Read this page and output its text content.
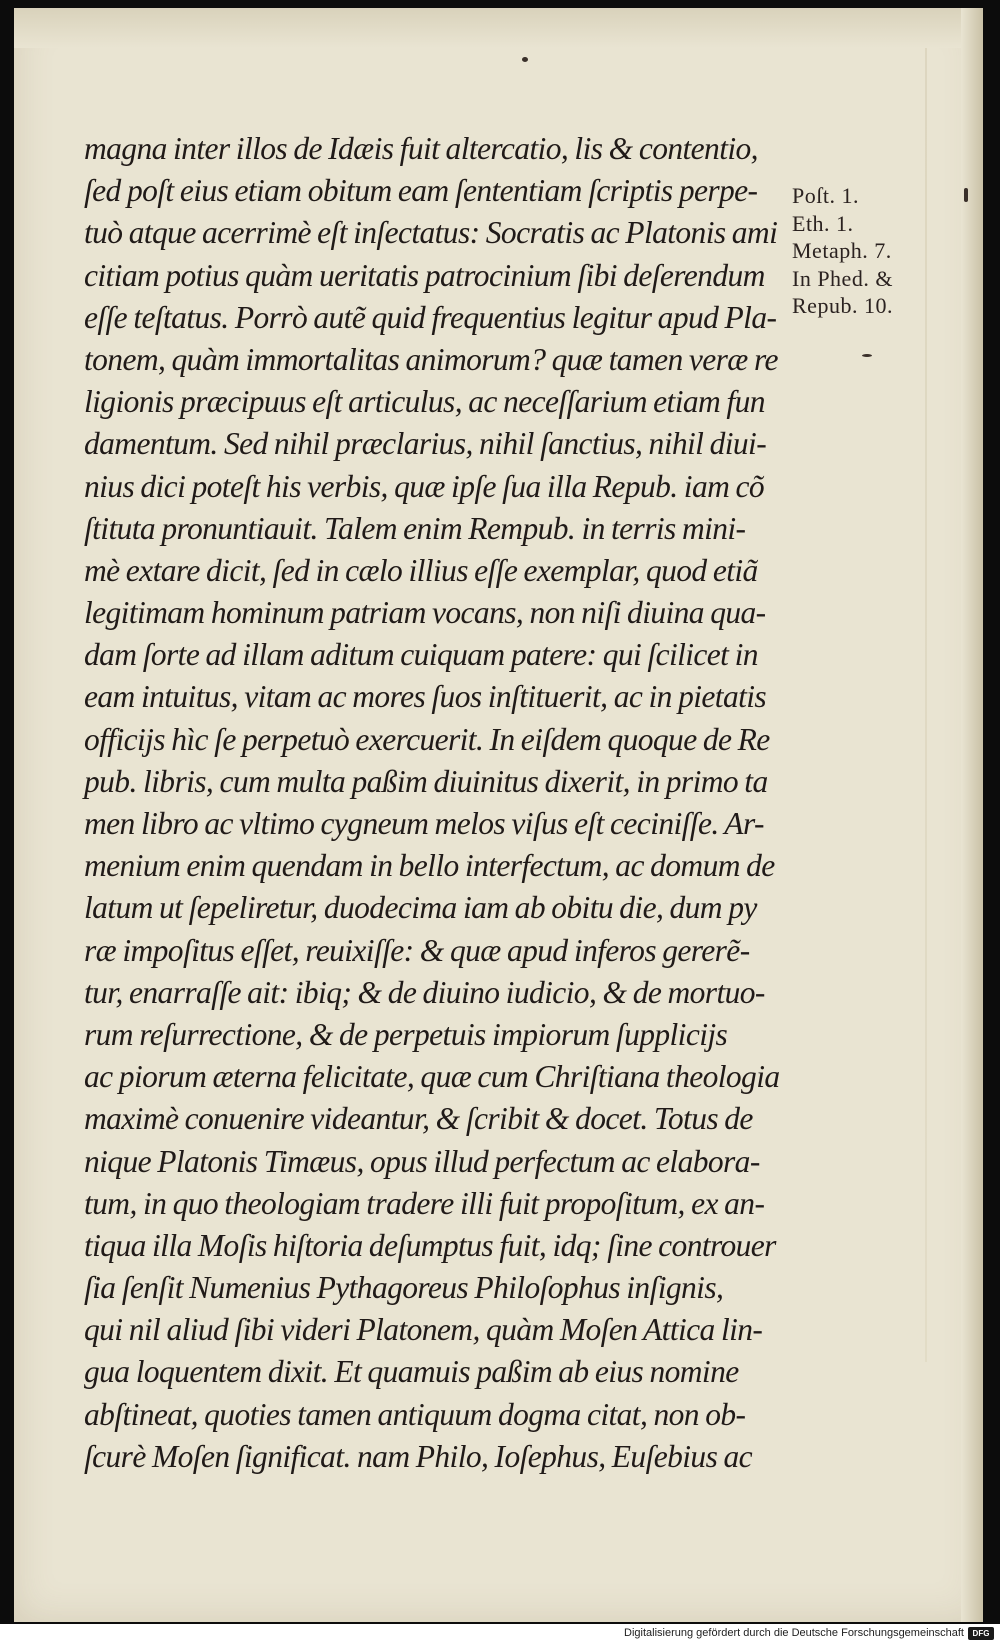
magna inter illos de Idæis fuit altercatio, lis & contentio,
ſed poſt eius etiam obitum eam ſententiam ſcriptis perpe-
tuò atque acerrimè eſt inſectatus: Socratis ac Platonis ami
citiam potius quàm ueritatis patrocinium ſibi deſerendum
eſſe teſtatus. Porrò autẽ quid frequentius legitur apud Pla-
tonem, quàm immortalitas animorum? quæ tamen veræ re
ligionis præcipuus eſt articulus, ac neceſſarium etiam fun
damentum. Sed nihil præclarius, nihil ſanctius, nihil diui-
nius dici poteſt his verbis, quæ ipſe ſua illa Repub. iam cõ
ſtituta pronuntiauit. Talem enim Rempub. in terris mini-
mè extare dicit, ſed in cælo illius eſſe exemplar, quod etiã
legitimam hominum patriam vocans, non niſi diuina qua-
dam ſorte ad illam aditum cuiquam patere: qui ſcilicet in
eam intuitus, vitam ac mores ſuos inſtituerit, ac in pietatis
officijs hìc ſe perpetuò exercuerit. In eiſdem quoque de Re
pub. libris, cum multa paßim diuinitus dixerit, in primo ta
men libro ac vltimo cygneum melos viſus eſt ceciniſſe. Ar-
menium enim quendam in bello interfectum, ac domum de
latum ut ſepeliretur, duodecima iam ab obitu die, dum py
ræ impoſitus eſſet, reuixiſſe: & quæ apud inferos gererẽ-
tur, enarraſſe ait: ibiq; & de diuino iudicio, & de mortuo-
rum reſurrectione, & de perpetuis impiorum ſupplicijs
ac piorum æterna felicitate, quæ cum Chriſtiana theologia
maximè conuenire videantur, & ſcribit & docet. Totus de
nique Platonis Timæus, opus illud perfectum ac elabora-
tum, in quo theologiam tradere illi fuit propoſitum, ex an-
tiqua illa Moſis hiſtoria deſumptus fuit, idq; ſine controuer
ſia ſenſit Numenius Pythagoreus Philoſophus inſignis,
qui nil aliud ſibi videri Platonem, quàm Moſen Attica lin-
gua loquentem dixit. Et quamuis paßim ab eius nomine
abſtineat, quoties tamen antiquum dogma citat, non ob-
ſcurè Moſen ſignificat. nam Philo, Ioſephus, Euſebius ac
Poſt. 1.
Eth. 1.
Metaph. 7.
In Phed. &
Repub. 10.
Digitalisierung gefördert durch die Deutsche Forschungsgemeinschaft	DFG
